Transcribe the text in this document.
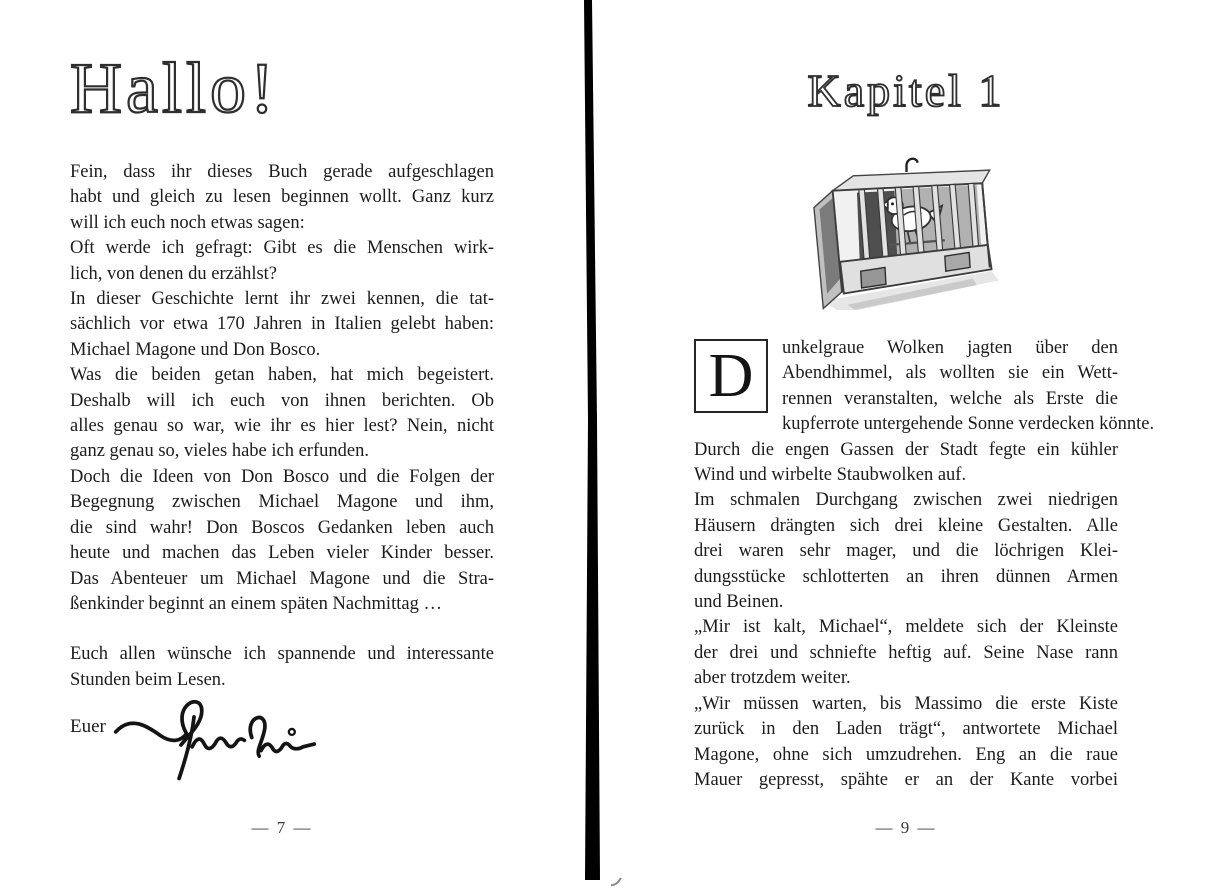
Hallo!
Fein, dass ihr dieses Buch gerade aufgeschlagen
habt und gleich zu lesen beginnen wollt. Ganz kurz
will ich euch noch etwas sagen:
Oft werde ich gefragt: Gibt es die Menschen wirk-
lich, von denen du erzählst?
In dieser Geschichte lernt ihr zwei kennen, die tat-
sächlich vor etwa 170 Jahren in Italien gelebt haben:
Michael Magone und Don Bosco.
Was die beiden getan haben, hat mich begeistert.
Deshalb will ich euch von ihnen berichten. Ob
alles genau so war, wie ihr es hier lest? Nein, nicht
ganz genau so, vieles habe ich erfunden.
Doch die Ideen von Don Bosco und die Folgen der
Begegnung zwischen Michael Magone und ihm,
die sind wahr! Don Boscos Gedanken leben auch
heute und machen das Leben vieler Kinder besser.
Das Abenteuer um Michael Magone und die Stra-
ßenkinder beginnt an einem späten Nachmittag …
Euch allen wünsche ich spannende und interessante
Stunden beim Lesen.
Euer
— 7 —
Kapitel 1
D	unkelgraue Wolken jagten über den
Abendhimmel, als wollten sie ein Wett-
rennen veranstalten, welche als Erste die
kupferrote untergehende Sonne verdecken könnte.
Durch die engen Gassen der Stadt fegte ein kühler
Wind und wirbelte Staubwolken auf.
Im schmalen Durchgang zwischen zwei niedrigen
Häusern drängten sich drei kleine Gestalten. Alle
drei waren sehr mager, und die löchrigen Klei-
dungsstücke schlotterten an ihren dünnen Armen
und Beinen.
„Mir ist kalt, Michael“, meldete sich der Kleinste
der drei und schniefte heftig auf. Seine Nase rann
aber trotzdem weiter.
„Wir müssen warten, bis Massimo die erste Kiste
zurück in den Laden trägt“, antwortete Michael
Magone, ohne sich umzudrehen. Eng an die raue
Mauer gepresst, spähte er an der Kante vorbei
— 9 —
